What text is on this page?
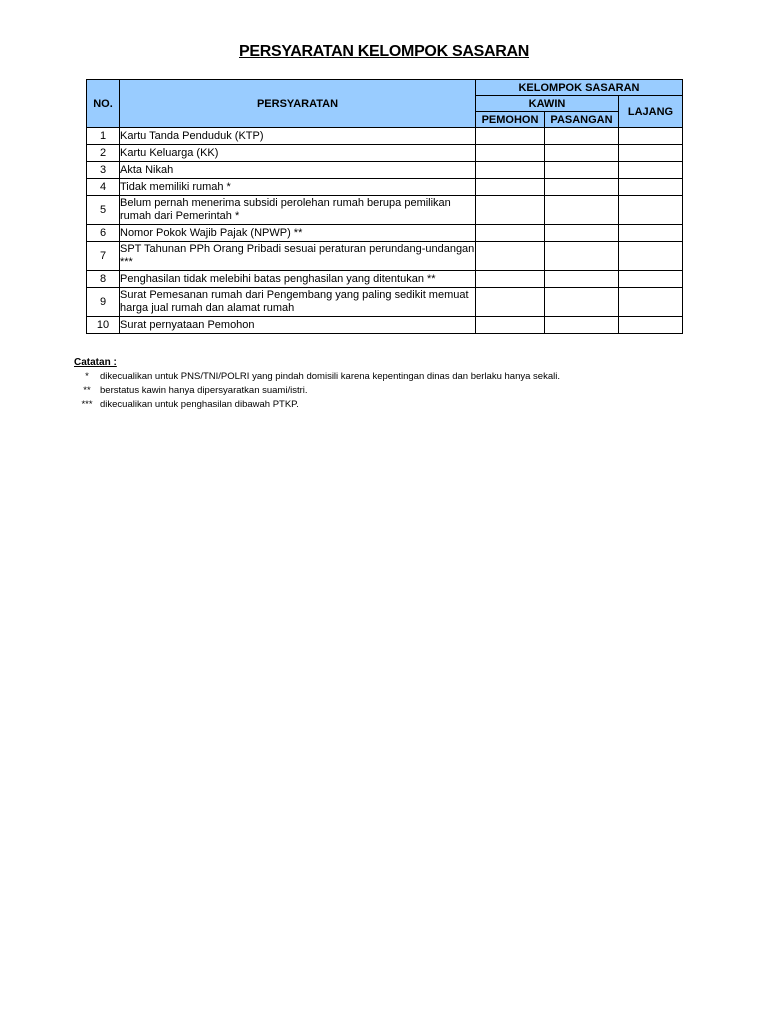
PERSYARATAN KELOMPOK SASARAN
NO.	PERSYARATAN	KELOMPOK SASARAN		
		KAWIN		LAJANG
		PEMOHON	PASANGAN	
1	Kartu Tanda Penduduk (KTP)			
2	Kartu Keluarga (KK)			
3	Akta Nikah			
4	Tidak memiliki rumah *			
5	Belum pernah menerima subsidi perolehan rumah berupa pemilikan rumah dari Pemerintah *			
6	Nomor Pokok Wajib Pajak (NPWP) **			
7	SPT Tahunan PPh Orang Pribadi sesuai peraturan perundang-undangan ***			
8	Penghasilan tidak melebihi batas penghasilan yang ditentukan **			
9	Surat Pemesanan rumah dari Pengembang yang paling sedikit memuat harga jual rumah dan alamat rumah			
10	Surat pernyataan Pemohon			
Catatan :
*	dikecualikan untuk PNS/TNI/POLRI yang pindah domisili karena kepentingan dinas dan berlaku hanya sekali.
** berstatus kawin hanya dipersyaratkan suami/istri.
*** dikecualikan untuk penghasilan dibawah PTKP.
